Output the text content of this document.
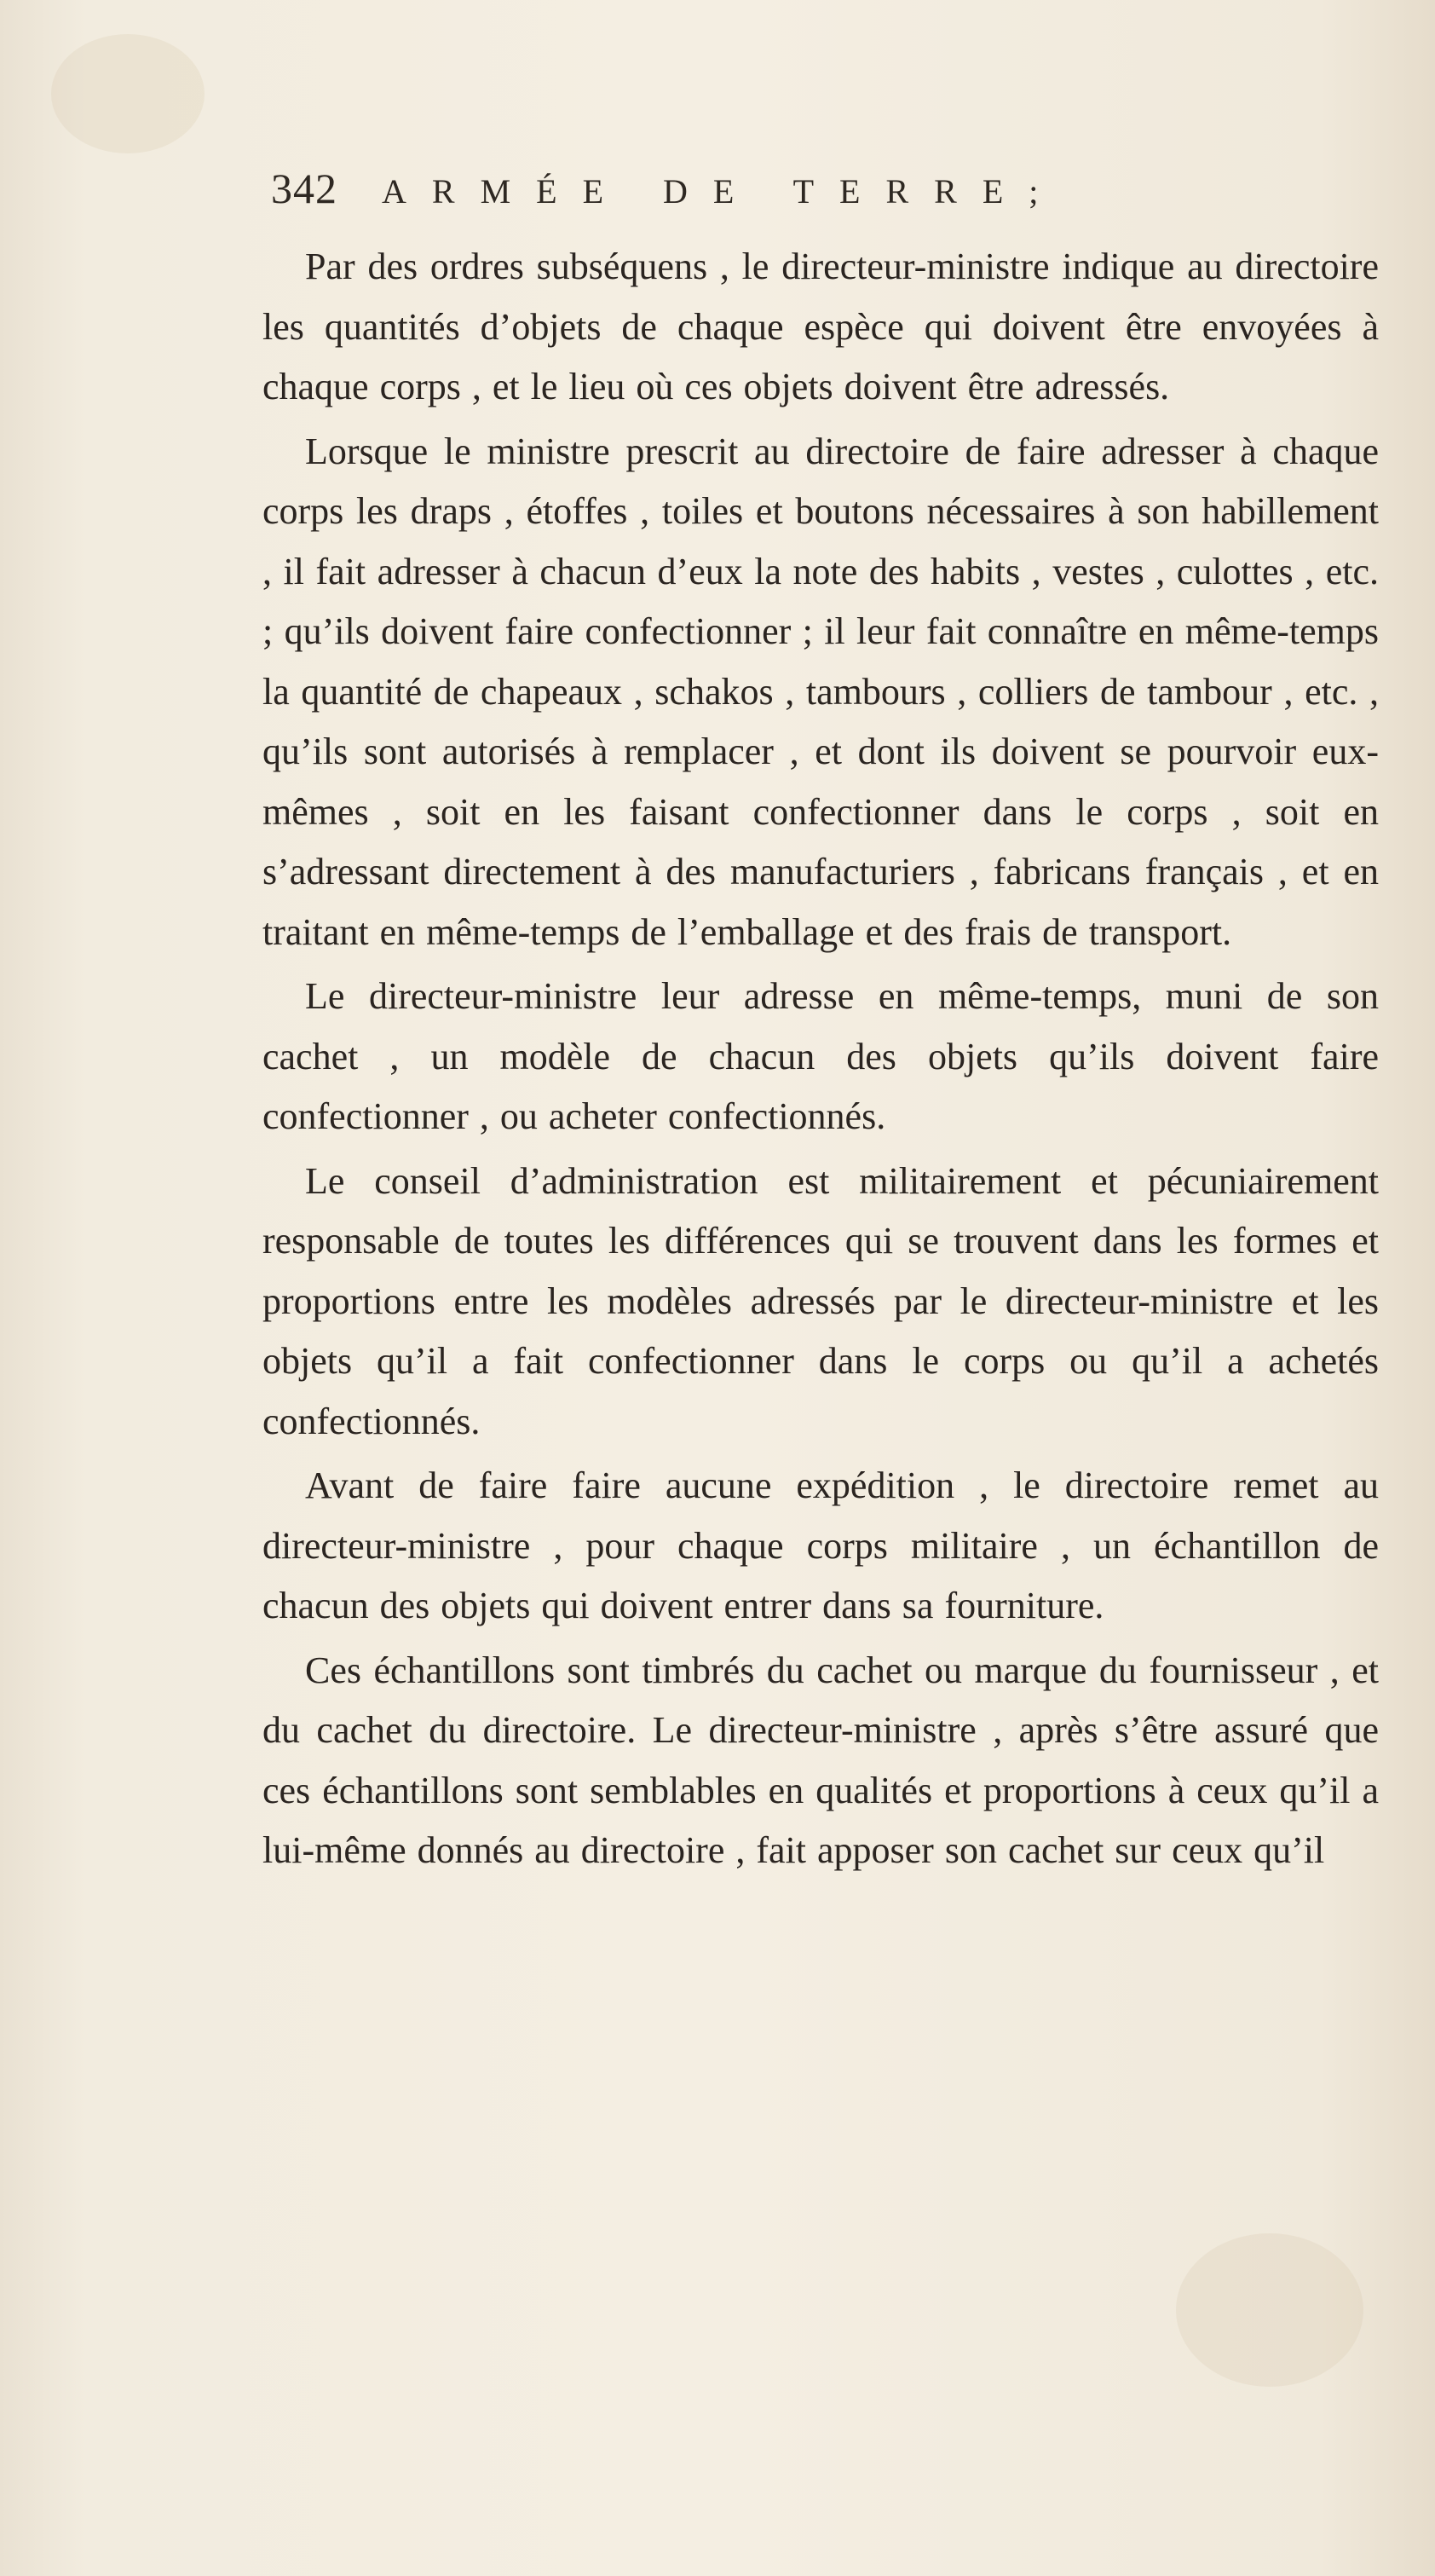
342	ARMÉE DE TERRE;

Par des ordres subséquens , le directeur-ministre indique au directoire les quantités d’objets de chaque espèce qui doivent être envoyées à chaque corps , et le lieu où ces objets doivent être adressés.

Lorsque le ministre prescrit au directoire de faire adresser à chaque corps les draps , étoffes , toiles et boutons nécessaires à son habillement , il fait adresser à chacun d’eux la note des habits , vestes , culottes , etc. ; qu’ils doivent faire confectionner ; il leur fait connaître en même-temps la quantité de chapeaux , schakos , tambours , colliers de tambour , etc. , qu’ils sont autorisés à remplacer , et dont ils doivent se pourvoir eux-mêmes , soit en les faisant confectionner dans le corps , soit en s’adressant directement à des manufacturiers , fabricans français , et en traitant en même-temps de l’emballage et des frais de transport.

Le directeur-ministre leur adresse en même-temps, muni de son cachet , un modèle de chacun des objets qu’ils doivent faire confectionner , ou acheter confectionnés.

Le conseil d’administration est militairement et pécuniairement responsable de toutes les différences qui se trouvent dans les formes et proportions entre les modèles adressés par le directeur-ministre et les objets qu’il a fait confectionner dans le corps ou qu’il a achetés confectionnés.

Avant de faire faire aucune expédition , le directoire remet au directeur-ministre , pour chaque corps militaire , un échantillon de chacun des objets qui doivent entrer dans sa fourniture.

Ces échantillons sont timbrés du cachet ou marque du fournisseur , et du cachet du directoire. Le directeur-ministre , après s’être assuré que ces échantillons sont semblables en qualités et proportions à ceux qu’il a lui-même donnés au directoire , fait apposer son cachet sur ceux qu’il
